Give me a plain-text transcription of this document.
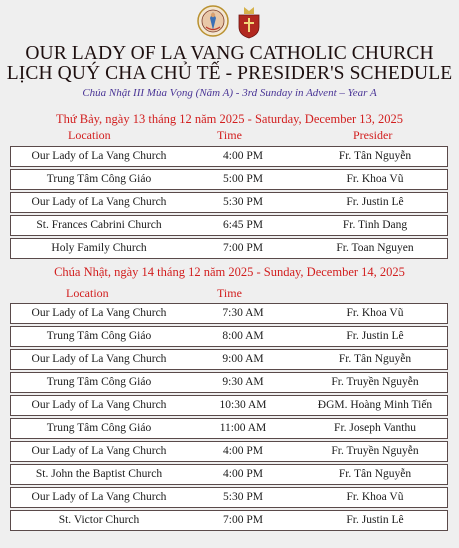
OUR LADY OF LA VANG CATHOLIC CHURCH
LỊCH QUÝ CHA CHỦ TẾ - PRESIDER'S SCHEDULE
Chúa Nhật III Mùa Vọng (Năm A) - 3rd Sunday in Advent – Year A
Thứ Bảy, ngày 13 tháng 12 năm 2025 - Saturday, December 13, 2025
Location	Time	Presider
Our Lady of La Vang Church	4:00 PM	Fr. Tân Nguyễn
Trung Tâm Công Giáo	5:00 PM	Fr. Khoa Vũ
Our Lady of La Vang Church	5:30 PM	Fr. Justin Lê
St. Frances Cabrini Church	6:45 PM	Fr. Tinh Dang
Holy Family Church	7:00 PM	Fr. Toan Nguyen
Chúa Nhật, ngày 14 tháng 12 năm 2025 - Sunday, December 14, 2025
Location	Time
Our Lady of La Vang Church	7:30 AM	Fr. Khoa Vũ
Trung Tâm Công Giáo	8:00 AM	Fr. Justin Lê
Our Lady of La Vang Church	9:00 AM	Fr. Tân Nguyễn
Trung Tâm Công Giáo	9:30 AM	Fr. Truyền Nguyễn
Our Lady of La Vang Church	10:30 AM	ĐGM. Hoàng Minh Tiến
Trung Tâm Công Giáo	11:00 AM	Fr. Joseph Vanthu
Our Lady of La Vang Church	4:00 PM	Fr. Truyền Nguyễn
St. John the Baptist Church	4:00 PM	Fr. Tân Nguyễn
Our Lady of La Vang Church	5:30 PM	Fr. Khoa Vũ
St. Victor Church	7:00 PM	Fr. Justin Lê
